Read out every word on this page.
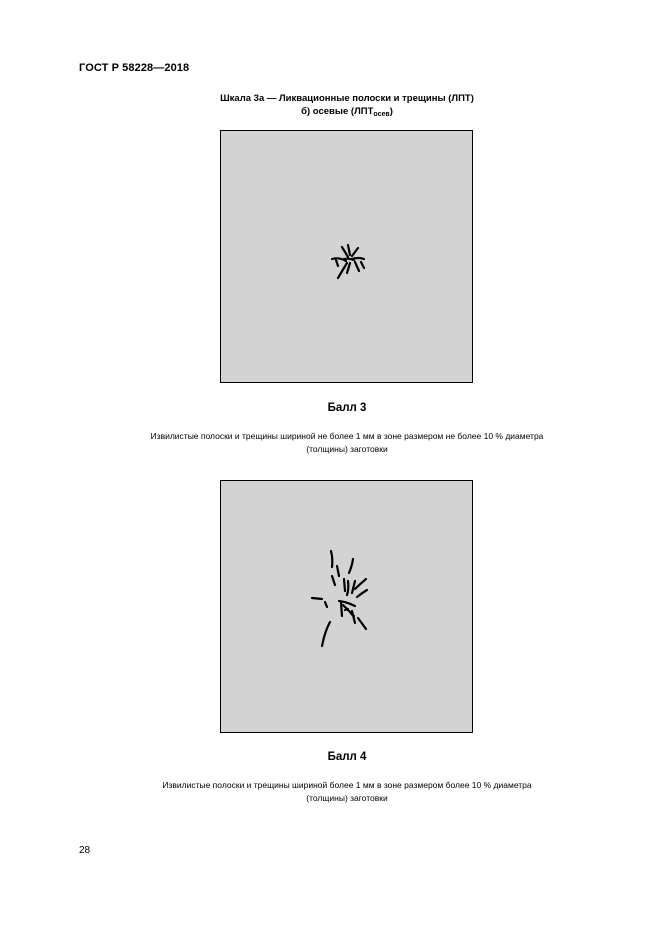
ГОСТ Р 58228—2018
Шкала 3а — Ликвационные полоски и трещины (ЛПТ)
б) осевые $(ЛПТ_{осев})$
Балл 3
Извилистые полоски и трещины шириной не более 1 мм в зоне размером не более 10 % диаметра
(толщины) заготовки
Балл 4
Извилистые полоски и трещины шириной более 1 мм в зоне размером более 10 % диаметра
(толщины) заготовки
28
